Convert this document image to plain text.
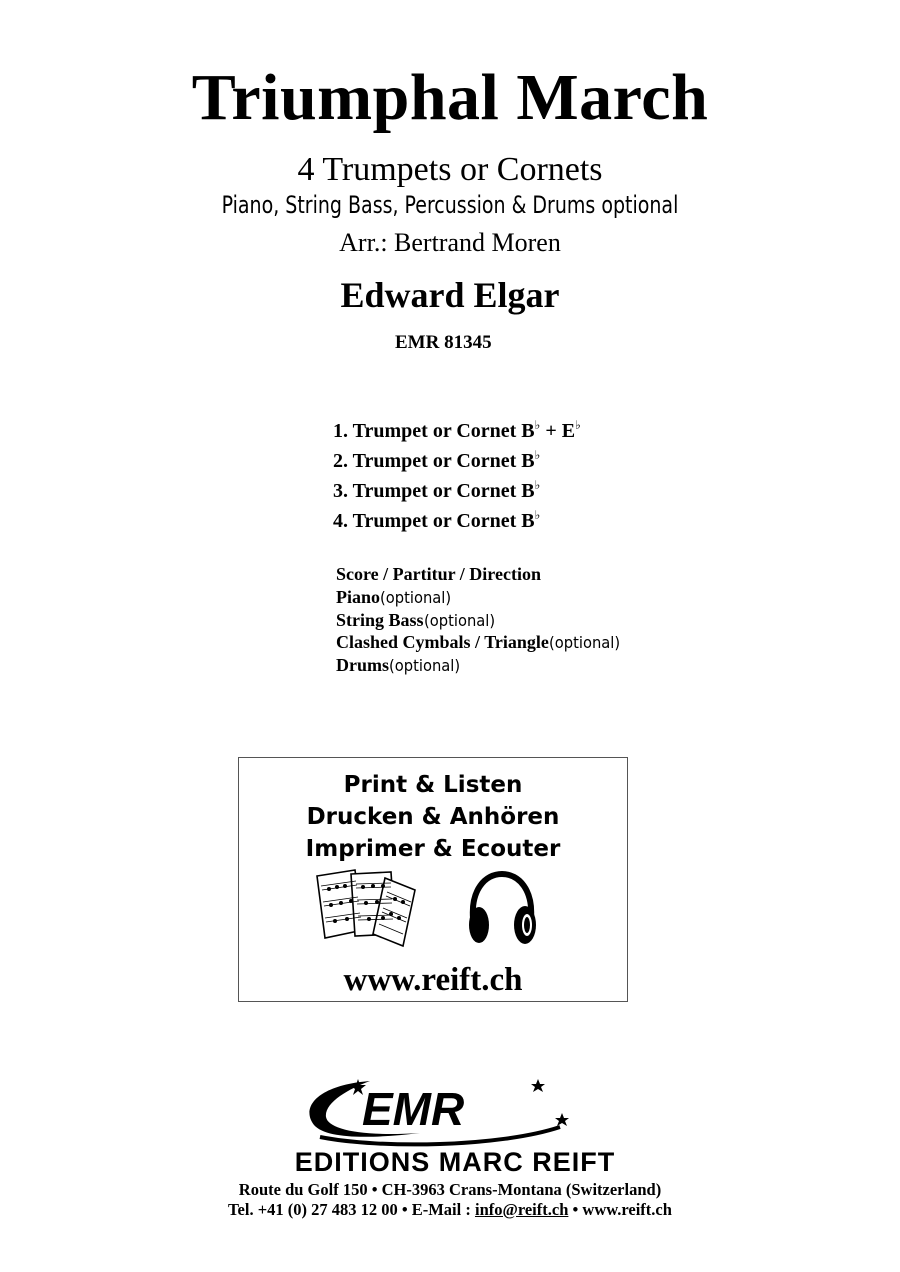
Triumphal March
4 Trumpets or Cornets
Piano, String Bass, Percussion & Drums optional
Arr.: Bertrand Moren
Edward Elgar
EMR 81345
1. Trumpet or Cornet B♭ + E♭
2. Trumpet or Cornet B♭
3. Trumpet or Cornet B♭
4. Trumpet or Cornet B♭
Score / Partitur / Direction
Piano(optional)
String Bass(optional)
Clashed Cymbals / Triangle(optional)
Drums(optional)
Print & Listen
Drucken & Anhören
Imprimer & Ecouter
www.reift.ch
EMR
EDITIONS MARC REIFT
Route du Golf 150 • CH-3963 Crans-Montana (Switzerland)
Tel. +41 (0) 27 483 12 00 • E-Mail : info@reift.ch • www.reift.ch
